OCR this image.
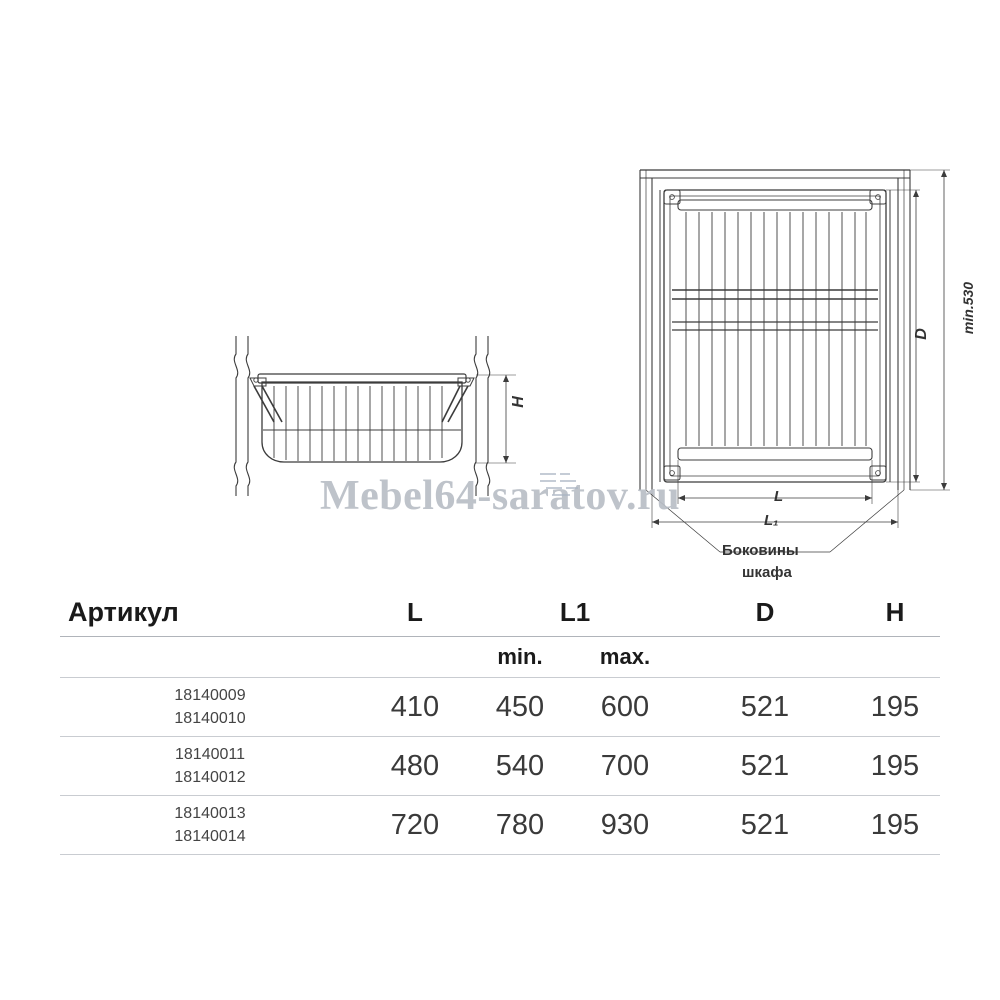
H
D min.530
L
L₁
Боковины
шкафа
Mebel64-saratov.ru
Артикул	L	L1		D	H

		min.	max.		

18140009
18140010	410	450	600	521	195

18140011
18140012	480	540	700	521	195

18140013
18140014	720	780	930	521	195
